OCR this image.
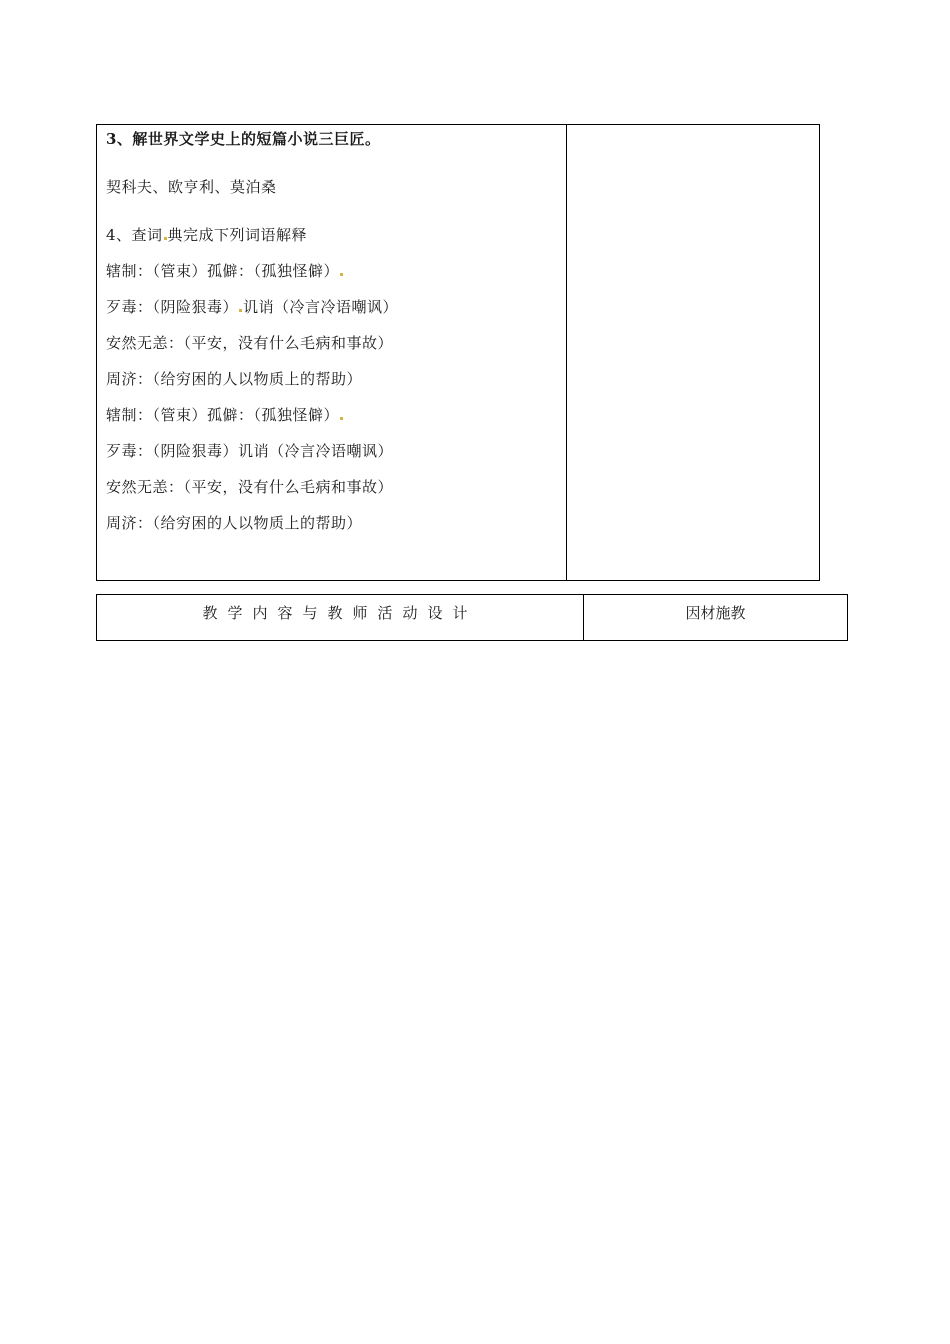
3、解世界文学史上的短篇小说三巨匠。
契科夫、欧亨利、莫泊桑
4、查词 典完成下列词语解释
辖制：（管束）孤僻：（孤独怪僻）
歹毒：（阴险狠毒） 讥诮（冷言冷语嘲讽）
安然无恙：（平安，没有什么毛病和事故）
周济：（给穷困的人以物质上的帮助）
辖制：（管束）孤僻：（孤独怪僻）
歹毒：（阴险狠毒）讥诮（冷言冷语嘲讽）
安然无恙：（平安，没有什么毛病和事故）
周济：（给穷困的人以物质上的帮助）
教学内容与教师活动设计	因材施教
